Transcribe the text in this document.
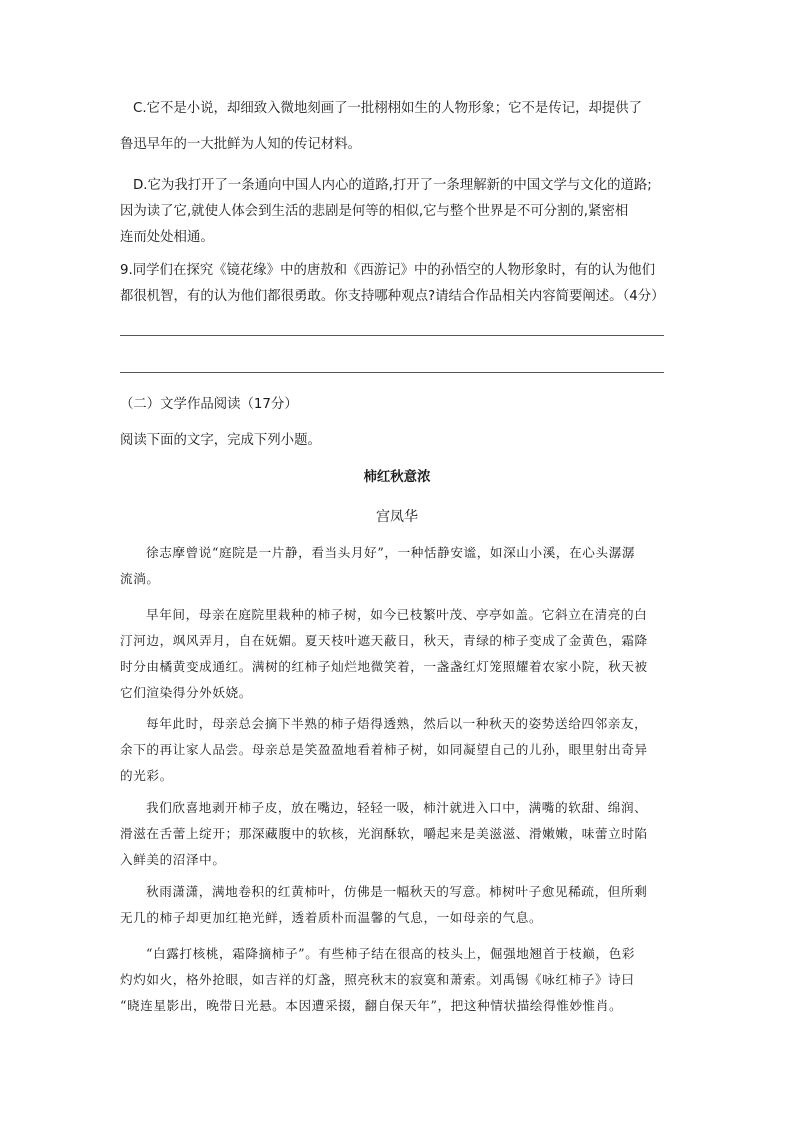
C.它不是小说，却细致入微地刻画了一批栩栩如生的人物形象；它不是传记，却提供了
鲁迅早年的一大批鲜为人知的传记材料。
D.它为我打开了一条通向中国人内心的道路,打开了一条理解新的中国文学与文化的道路;
因为读了它,就使人体会到生活的悲剧是何等的相似,它与整个世界是不可分割的,紧密相
连而处处相通。
9.同学们在探究《镜花缘》中的唐敖和《西游记》中的孙悟空的人物形象时，有的认为他们
都很机智，有的认为他们都很勇敢。你支持哪种观点?请结合作品相关内容简要阐述。（4分）
（二）文学作品阅读（17分）
阅读下面的文字，完成下列小题。
柿红秋意浓
宫凤华
徐志摩曾说“庭院是一片静，看当头月好”，一种恬静安谧，如深山小溪，在心头潺潺
流淌。
早年间，母亲在庭院里栽种的柿子树，如今已枝繁叶茂、亭亭如盖。它斜立在清亮的白
汀河边，飒风弄月，自在妩媚。夏天枝叶遮天蔽日，秋天，青绿的柿子变成了金黄色，霜降
时分由橘黄变成通红。满树的红柿子灿烂地微笑着，一盏盏红灯笼照耀着农家小院，秋天被
它们渲染得分外妖娆。
每年此时，母亲总会摘下半熟的柿子焐得透熟，然后以一种秋天的姿势送给四邻亲友，
余下的再让家人品尝。母亲总是笑盈盈地看着柿子树，如同凝望自己的儿孙，眼里射出奇异
的光彩。
我们欣喜地剥开柿子皮，放在嘴边，轻轻一吸，柿汁就进入口中，满嘴的软甜、绵润、
滑滋在舌蕾上绽开；那深藏腹中的软核，光润酥软，嚼起来是美滋滋、滑嫩嫩，味蕾立时陷
入鲜美的沼泽中。
秋雨潇潇，满地卷积的红黄柿叶，仿佛是一幅秋天的写意。柿树叶子愈见稀疏，但所剩
无几的柿子却更加红艳光鲜，透着质朴而温馨的气息，一如母亲的气息。
“白露打核桃，霜降摘柿子”。有些柿子结在很高的枝头上，倔强地翘首于枝巅，色彩
灼灼如火，格外抢眼，如吉祥的灯盏，照亮秋末的寂寞和萧索。刘禹锡《咏红柿子》诗曰
“晓连星影出，晚带日光悬。本因遭采掇，翻自保天年”，把这种情状描绘得惟妙惟肖。
